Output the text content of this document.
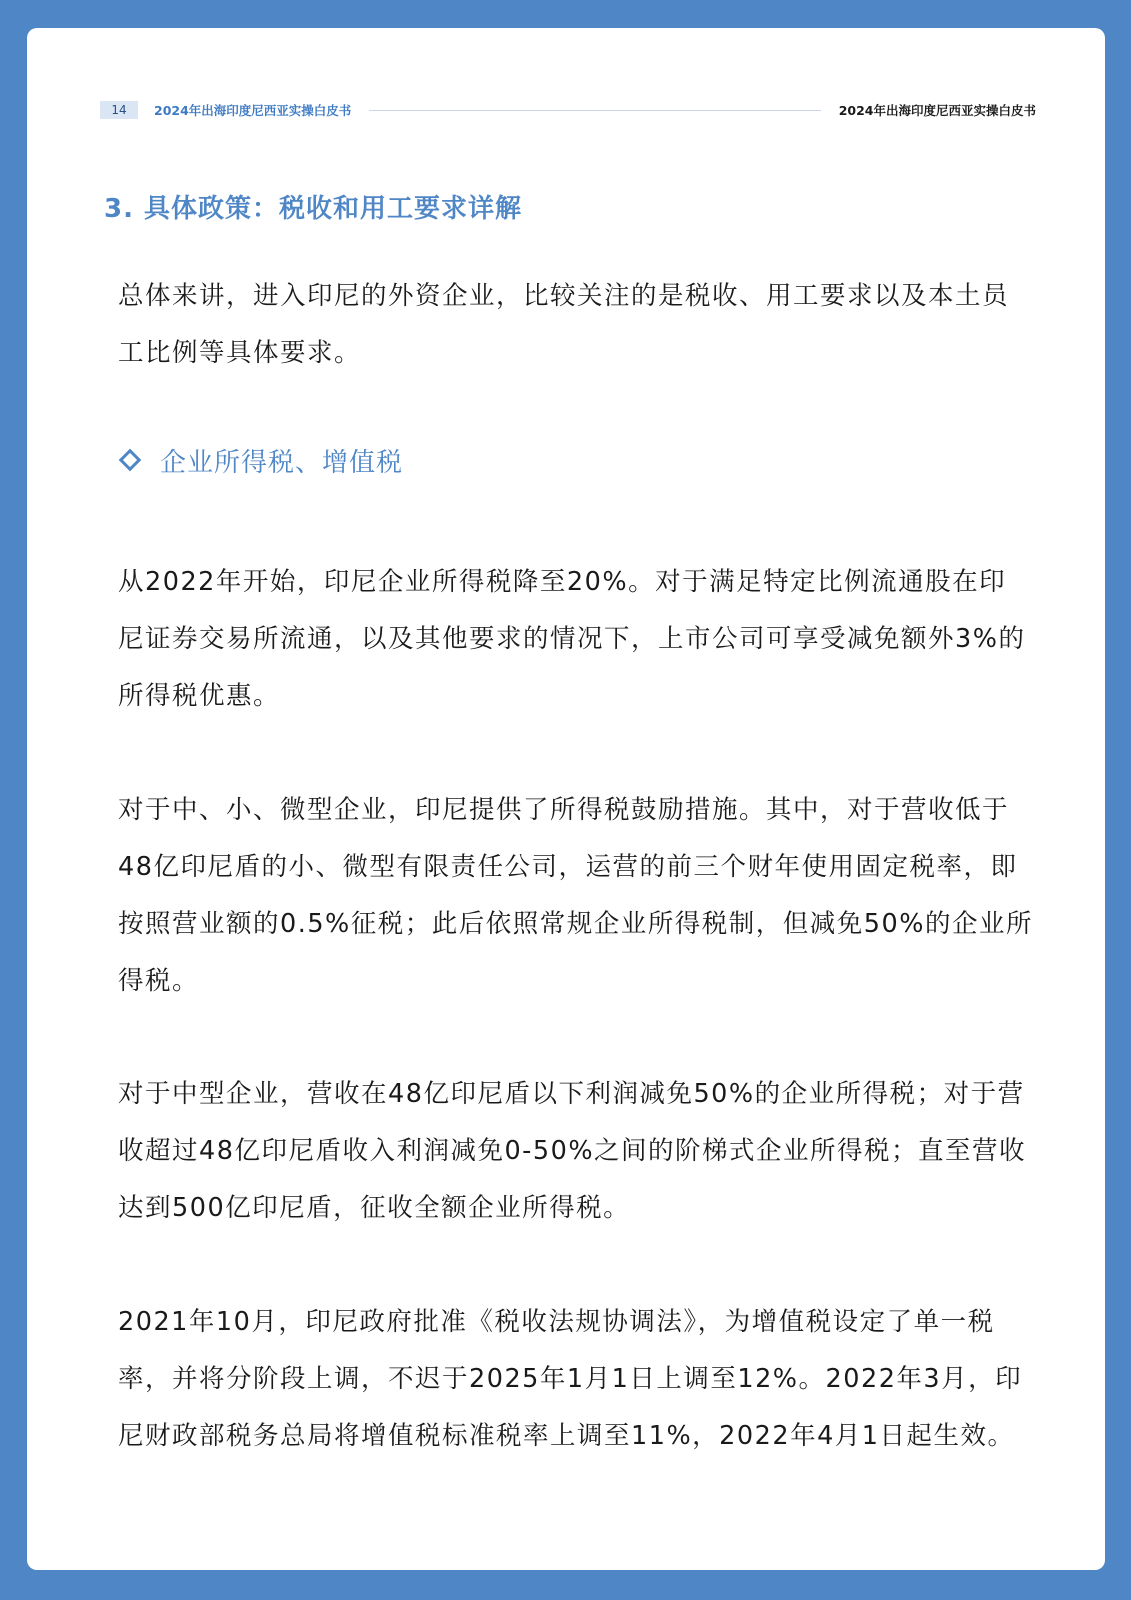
14	2024年出海印度尼西亚实操白皮书	2024年出海印度尼西亚实操白皮书
3. 具体政策：税收和用工要求详解

总体来讲，进入印尼的外资企业，比较关注的是税收、用工要求以及本土员工比例等具体要求。

企业所得税、增值税

从2022年开始，印尼企业所得税降至20%。对于满足特定比例流通股在印尼证券交易所流通，以及其他要求的情况下，上市公司可享受减免额外3%的所得税优惠。

对于中、小、微型企业，印尼提供了所得税鼓励措施。其中，对于营收低于48亿印尼盾的小、微型有限责任公司，运营的前三个财年使用固定税率，即按照营业额的0.5%征税；此后依照常规企业所得税制，但减免50%的企业所得税。

对于中型企业，营收在48亿印尼盾以下利润减免50%的企业所得税；对于营收超过48亿印尼盾收入利润减免0-50%之间的阶梯式企业所得税；直至营收达到500亿印尼盾，征收全额企业所得税。

2021年10月，印尼政府批准《税收法规协调法》，为增值税设定了单一税率，并将分阶段上调，不迟于2025年1月1日上调至12%。2022年3月，印尼财政部税务总局将增值税标准税率上调至11%，2022年4月1日起生效。
